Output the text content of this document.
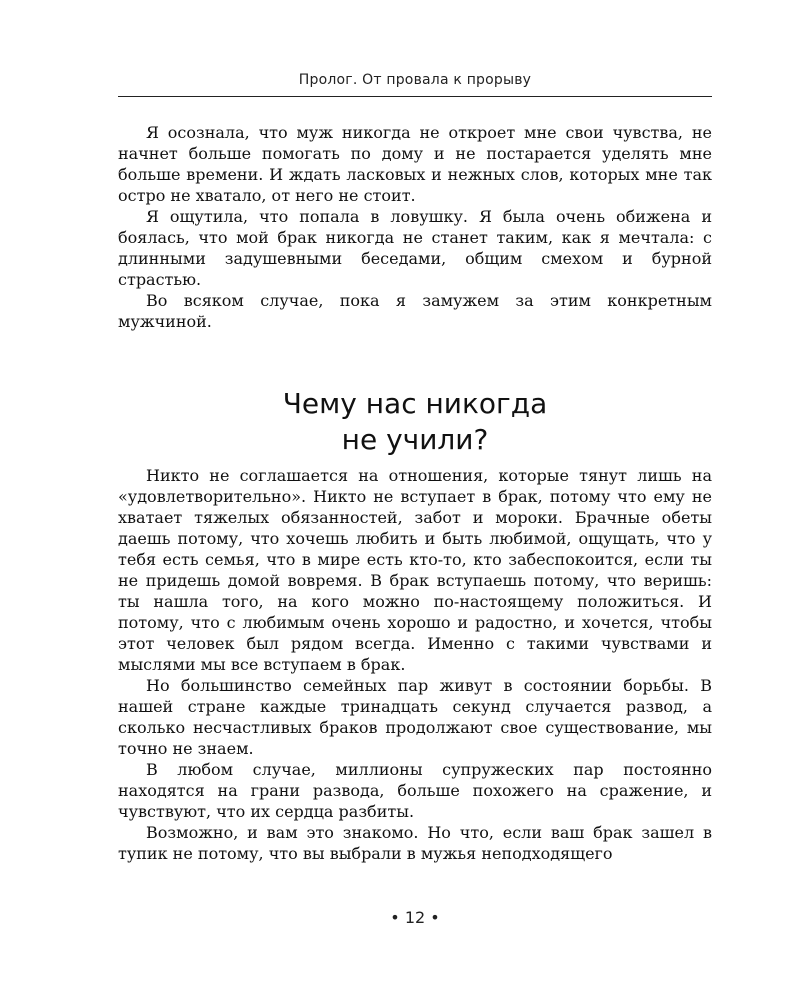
Пролог. От провала к прорыву

Я осознала, что муж никогда не откроет мне свои чувства, не начнет больше помогать по дому и не постарается уделять мне больше времени. И ждать ласковых и нежных слов, которых мне так остро не хватало, от него не стоит.

Я ощутила, что попала в ловушку. Я была очень обижена и боялась, что мой брак никогда не станет таким, как я мечтала: с длинными задушевными беседами, общим смехом и бурной страстью.

Во всяком случае, пока я замужем за этим конкретным мужчиной.

Чему нас никогда
не учили?

Никто не соглашается на отношения, которые тянут лишь на «удовлетворительно». Никто не вступает в брак, потому что ему не хватает тяжелых обязанностей, забот и мороки. Брачные обеты даешь потому, что хочешь любить и быть любимой, ощущать, что у тебя есть семья, что в мире есть кто-то, кто забеспокоится, если ты не придешь домой вовремя. В брак вступаешь потому, что веришь: ты нашла того, на кого можно по-настоящему положиться. И потому, что с любимым очень хорошо и радостно, и хочется, чтобы этот человек был рядом всегда. Именно с такими чувствами и мыслями мы все вступаем в брак.

Но большинство семейных пар живут в состоянии борьбы. В нашей стране каждые тринадцать секунд случается развод, а сколько несчастливых браков продолжают свое существование, мы точно не знаем.

В любом случае, миллионы супружеских пар постоянно находятся на грани развода, больше похожего на сражение, и чувствуют, что их сердца разбиты.

Возможно, и вам это знакомо. Но что, если ваш брак зашел в тупик не потому, что вы выбрали в мужья неподходящего

• 12 •
